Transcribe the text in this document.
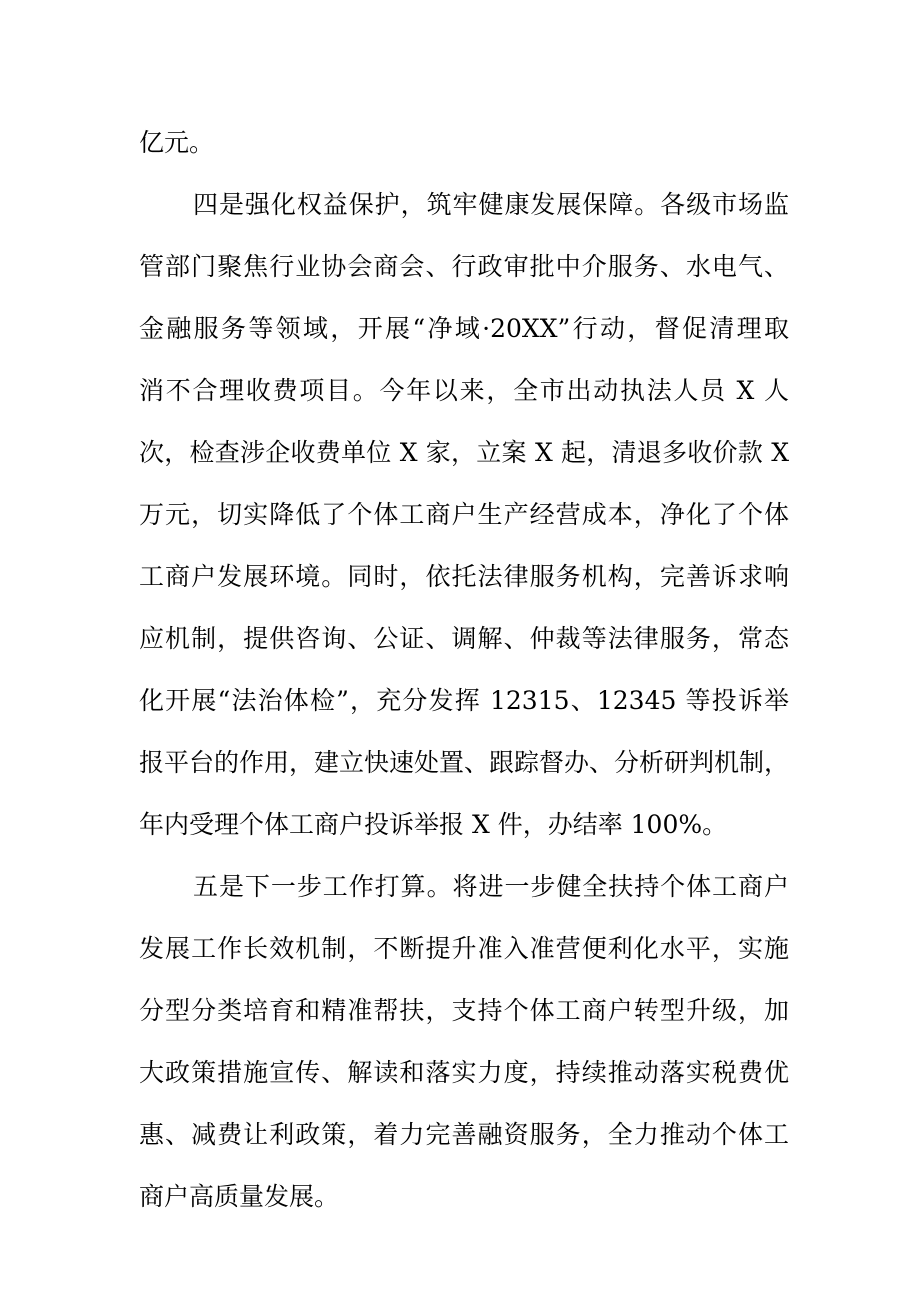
亿元。
四是强化权益保护，筑牢健康发展保障。各级市场监
管部门聚焦行业协会商会、行政审批中介服务、水电气、
金融服务等领域，开展“净域·20XX”行动，督促清理取
消不合理收费项目。今年以来，全市出动执法人员 X 人
次，检查涉企收费单位 X 家，立案 X 起，清退多收价款 X
万元，切实降低了个体工商户生产经营成本，净化了个体
工商户发展环境。同时，依托法律服务机构，完善诉求响
应机制，提供咨询、公证、调解、仲裁等法律服务，常态
化开展“法治体检”，充分发挥 12315、12345 等投诉举
报平台的作用，建立快速处置、跟踪督办、分析研判机制，
年内受理个体工商户投诉举报 X 件，办结率 100%。
五是下一步工作打算。将进一步健全扶持个体工商户
发展工作长效机制，不断提升准入准营便利化水平，实施
分型分类培育和精准帮扶，支持个体工商户转型升级，加
大政策措施宣传、解读和落实力度，持续推动落实税费优
惠、减费让利政策，着力完善融资服务，全力推动个体工
商户高质量发展。
